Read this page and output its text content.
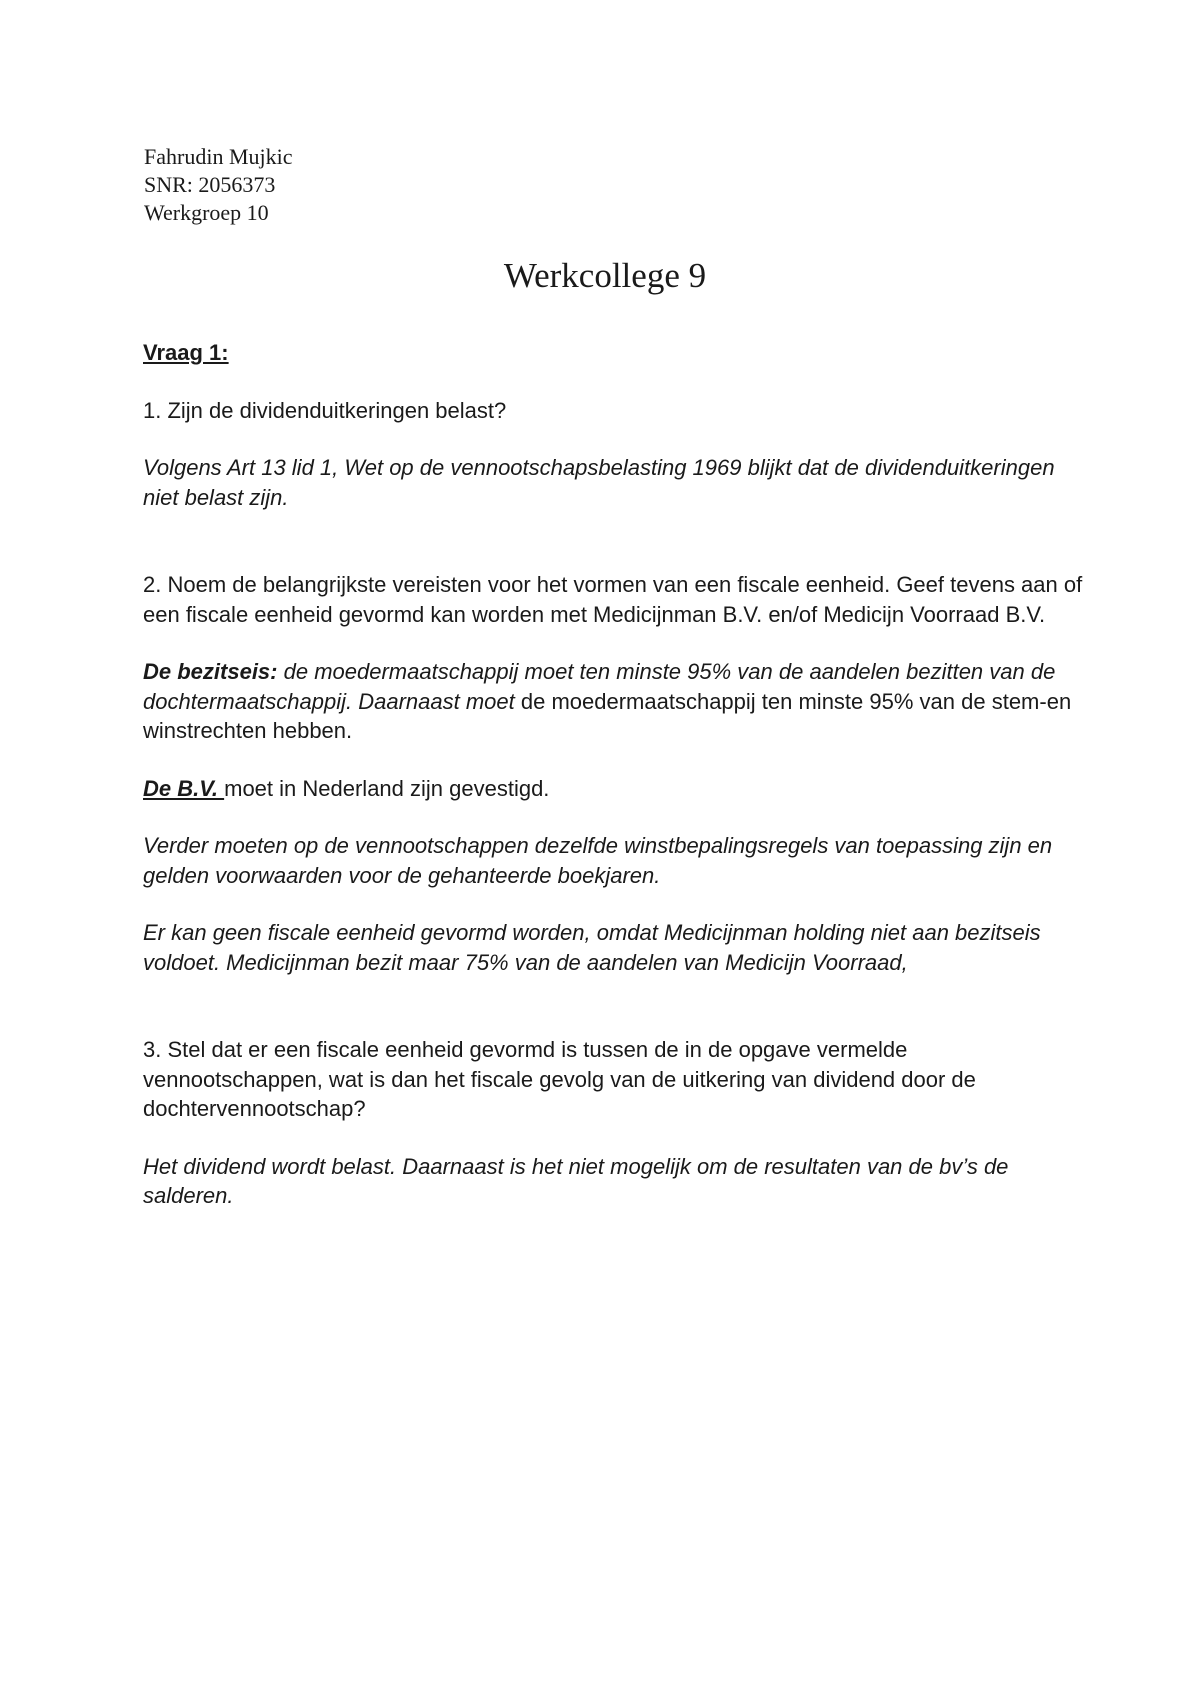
Fahrudin Mujkic
SNR: 2056373
Werkgroep 10
Werkcollege 9

Vraag 1:

1. Zijn de dividenduitkeringen belast?

Volgens Art 13 lid 1, Wet op de vennootschapsbelasting 1969 blijkt dat de dividenduitkeringen niet belast zijn.

2. Noem de belangrijkste vereisten voor het vormen van een fiscale eenheid. Geef tevens aan of een fiscale eenheid gevormd kan worden met Medicijnman B.V. en/of Medicijn Voorraad B.V.

De bezitseis: de moedermaatschappij moet ten minste 95% van de aandelen bezitten van de dochtermaatschappij. Daarnaast moet de moedermaatschappij ten minste 95% van de stem-en winstrechten hebben.

De B.V. moet in Nederland zijn gevestigd.

Verder moeten op de vennootschappen dezelfde winstbepalingsregels van toepassing zijn en gelden voorwaarden voor de gehanteerde boekjaren.

Er kan geen fiscale eenheid gevormd worden, omdat Medicijnman holding niet aan bezitseis voldoet. Medicijnman bezit maar 75% van de aandelen van Medicijn Voorraad,

3. Stel dat er een fiscale eenheid gevormd is tussen de in de opgave vermelde vennootschappen, wat is dan het fiscale gevolg van de uitkering van dividend door de dochtervennootschap?

Het dividend wordt belast. Daarnaast is het niet mogelijk om de resultaten van de bv’s de salderen.
